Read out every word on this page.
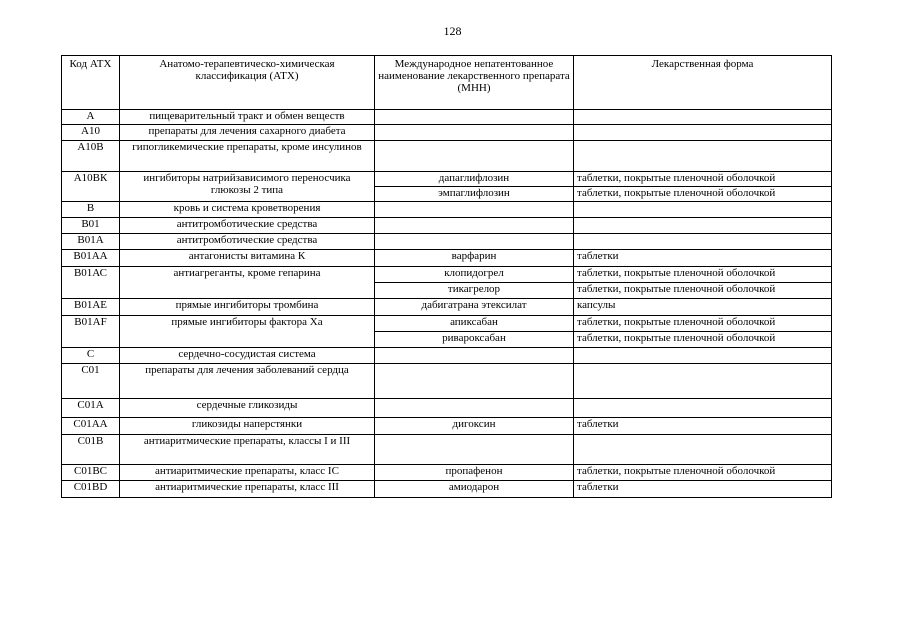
128
Код АТХ	Анатомо-терапевтическо-химическая классификация (АТХ)	Международное непатентованное наименование лекарственного препарата (МНН)	Лекарственная форма
А	пищеварительный тракт и обмен веществ		
А10	препараты для лечения сахарного диабета		
А10В	гипогликемические препараты, кроме инсулинов		
А10ВК	ингибиторы натрийзависимого переносчика глюкозы 2 типа	дапаглифлозин	таблетки, покрытые пленочной оболочкой
		эмпаглифлозин	таблетки, покрытые пленочной оболочкой
В	кровь и система кроветворения		
В01	антитромботические средства		
В01А	антитромботические средства		
В01АА	антагонисты витамина К	варфарин	таблетки
В01АС	антиагреганты, кроме гепарина	клопидогрел	таблетки, покрытые пленочной оболочкой
		тикагрелор	таблетки, покрытые пленочной оболочкой
В01АЕ	прямые ингибиторы тромбина	дабигатрана этексилат	капсулы
В01АF	прямые ингибиторы фактора Ха	апиксабан	таблетки, покрытые пленочной оболочкой
		ривароксабан	таблетки, покрытые пленочной оболочкой
С	сердечно-сосудистая система		
С01	препараты для лечения заболеваний сердца		
С01А	сердечные гликозиды		
С01АА	гликозиды наперстянки	дигоксин	таблетки
С01В	антиаритмические препараты, классы I и III		
С01ВС	антиаритмические препараты, класс IC	пропафенон	таблетки, покрытые пленочной оболочкой
С01ВD	антиаритмические препараты, класс III	амиодарон	таблетки
